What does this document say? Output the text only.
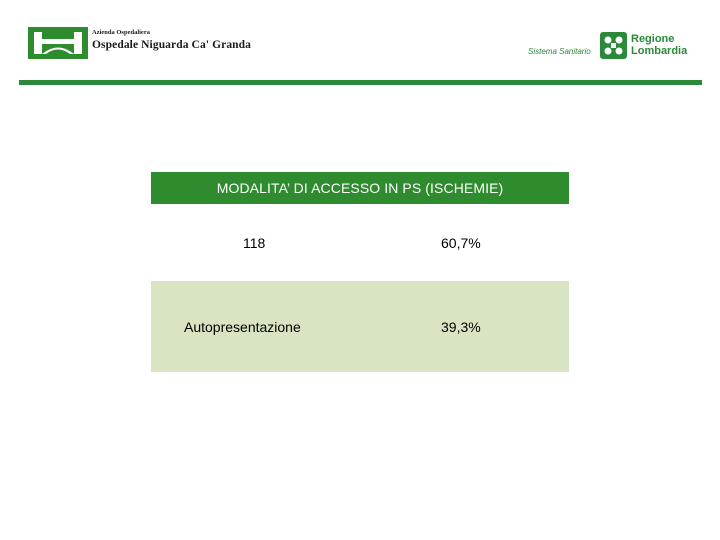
Azienda Ospedaliera
Ospedale Niguarda Ca' Granda
Sistema Sanitario
Regione
Lombardia
MODALITA’ DI ACCESSO IN PS (ISCHEMIE)
118	60,7%
Autopresentazione	39,3%
